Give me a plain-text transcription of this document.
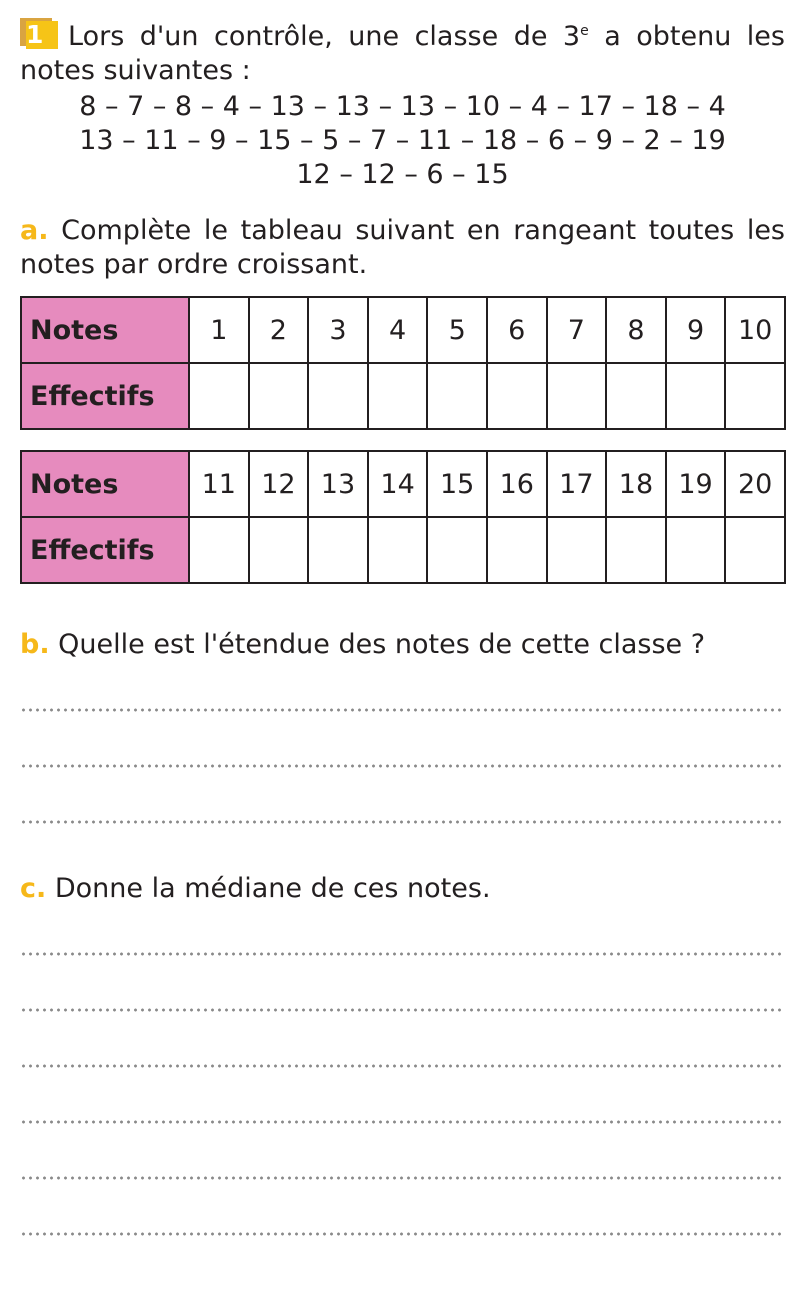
1 Lors d'un contrôle, une classe de 3e a obtenu les notes suivantes :
8 – 7 – 8 – 4 – 13 – 13 – 13 – 10 – 4 – 17 – 18 – 4
13 – 11 – 9 – 15 – 5 – 7 – 11 – 18 – 6 – 9 – 2 – 19
12 – 12 – 6 – 15
a. Complète le tableau suivant en rangeant toutes les notes par ordre croissant.
Notes	1	2	3	4	5	6	7	8	9	10
Effectifs										
Notes	11	12	13	14	15	16	17	18	19	20
Effectifs										
b. Quelle est l'étendue des notes de cette classe ?
c. Donne la médiane de ces notes.
